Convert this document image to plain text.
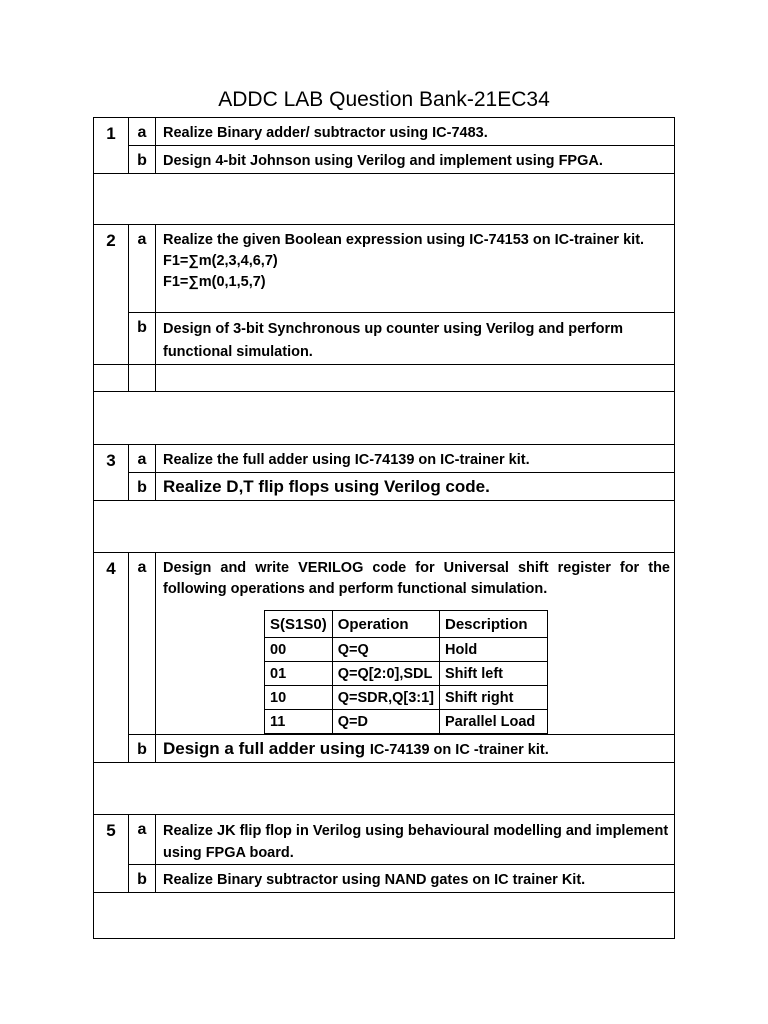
ADDC LAB Question Bank-21EC34
1	a	Realize Binary adder/ subtractor using IC-7483.
b	Design 4-bit Johnson using Verilog and implement using FPGA.

2	a	Realize the given Boolean expression using IC-74153 on IC-trainer kit.
F1=∑m(2,3,4,6,7)
F1=∑m(0,1,5,7)

b	Design of 3-bit Synchronous up counter using Verilog and perform functional simulation.

3	a	Realize the full adder using IC-74139 on IC-trainer kit.
b	Realize D,T flip flops using Verilog code.

4	a	Design and write VERILOG code for Universal shift register for the following operations and perform functional simulation.
S(S1S0)	Operation	Description
00	Q=Q	Hold
01	Q=Q[2:0],SDL	Shift left
10	Q=SDR,Q[3:1]	Shift right
11	Q=D	Parallel Load

b	Design a full adder using IC-74139 on IC -trainer kit.

5	a	Realize JK flip flop in Verilog using behavioural modelling and implement using FPGA board.
b	Realize Binary subtractor using NAND gates on IC trainer Kit.
